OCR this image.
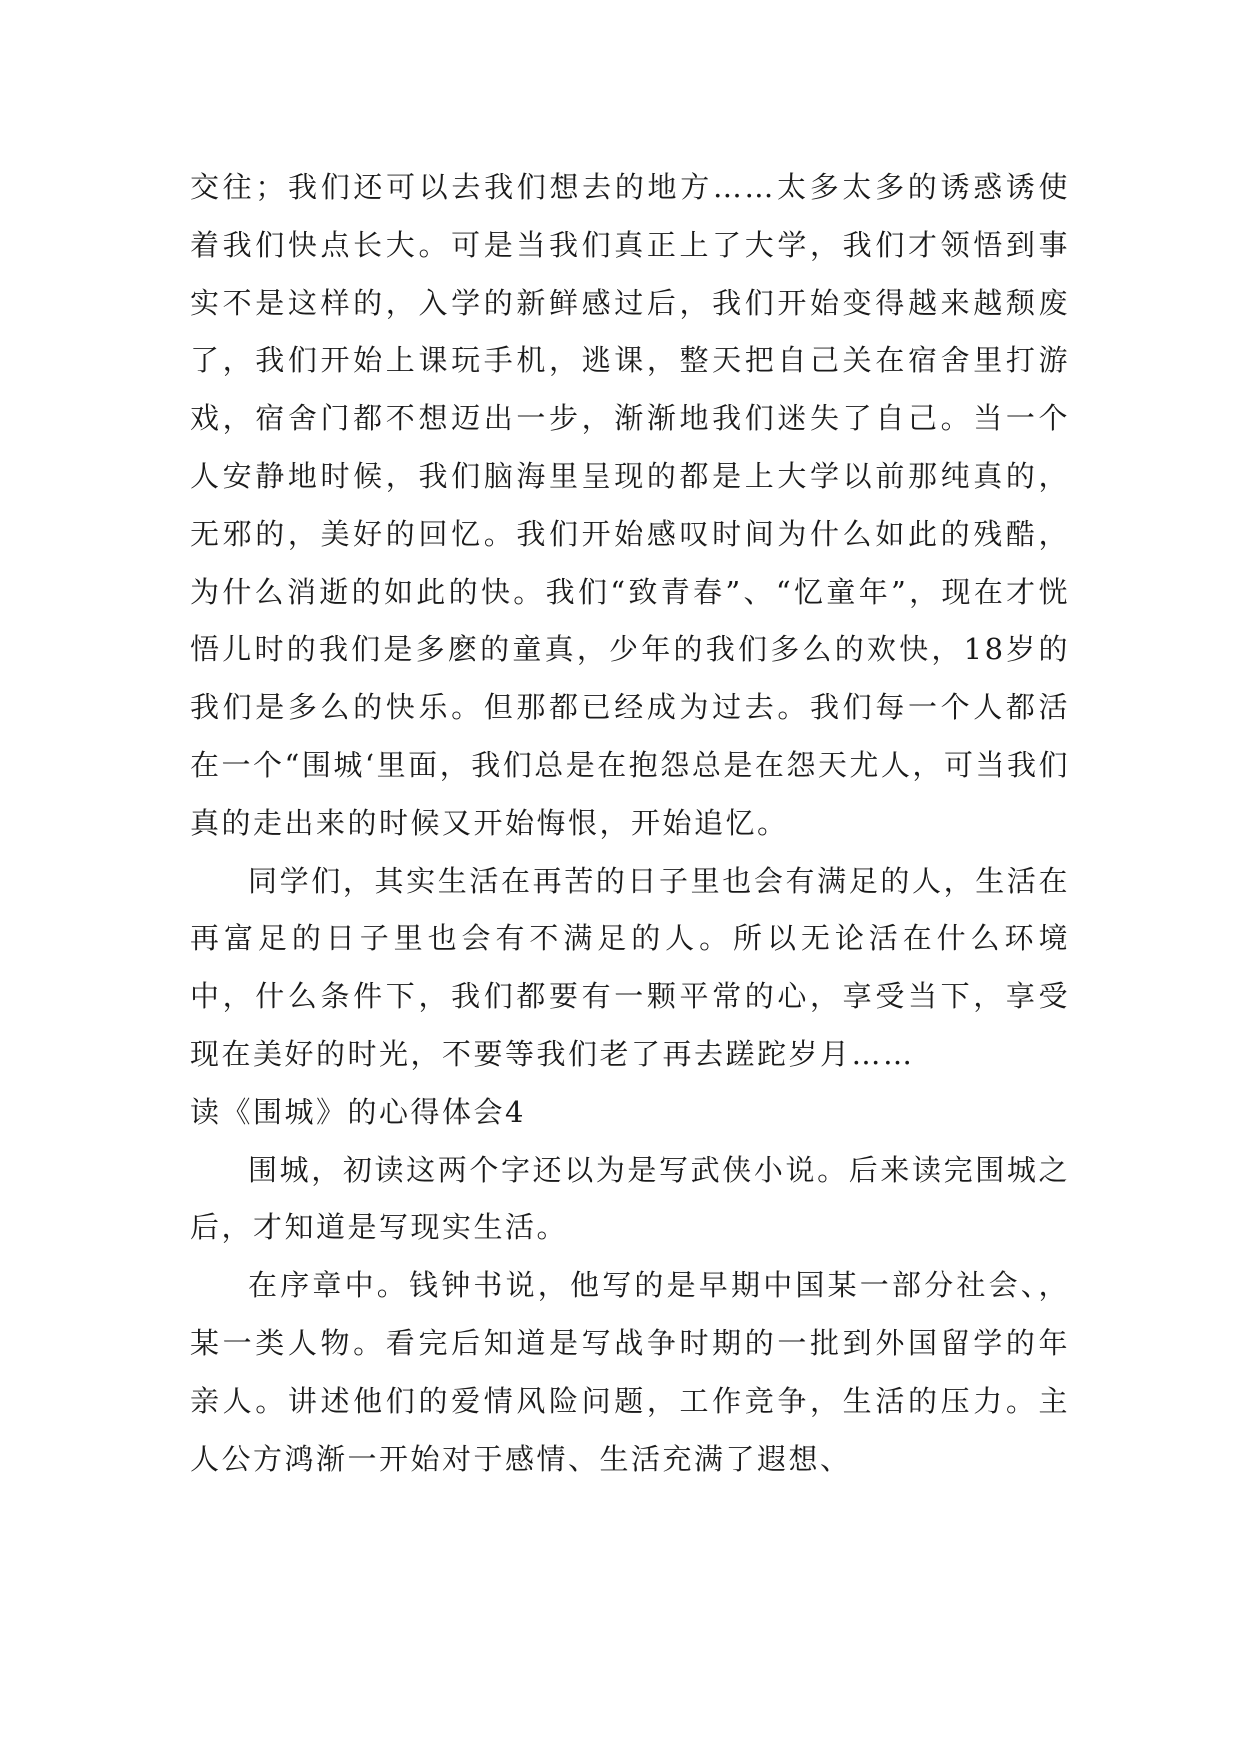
交往；我们还可以去我们想去的地方……太多太多的诱惑诱使着我们快点长大。可是当我们真正上了大学，我们才领悟到事实不是这样的，入学的新鲜感过后，我们开始变得越来越颓废了，我们开始上课玩手机，逃课，整天把自己关在宿舍里打游戏，宿舍门都不想迈出一步，渐渐地我们迷失了自己。当一个人安静地时候，我们脑海里呈现的都是上大学以前那纯真的，无邪的，美好的回忆。我们开始感叹时间为什么如此的残酷，为什么消逝的如此的快。我们“致青春”、“忆童年”，现在才恍悟儿时的我们是多麽的童真，少年的我们多么的欢快，18岁的我们是多么的快乐。但那都已经成为过去。我们每一个人都活在一个“围城‘里面，我们总是在抱怨总是在怨天尤人，可当我们真的走出来的时候又开始悔恨，开始追忆。

同学们，其实生活在再苦的日子里也会有满足的人，生活在再富足的日子里也会有不满足的人。所以无论活在什么环境中，什么条件下，我们都要有一颗平常的心，享受当下，享受现在美好的时光，不要等我们老了再去蹉跎岁月……

读《围城》的心得体会4

围城，初读这两个字还以为是写武侠小说。后来读完围城之后，才知道是写现实生活。

在序章中。钱钟书说，他写的是早期中国某一部分社会、，某一类人物。看完后知道是写战争时期的一批到外国留学的年亲人。讲述他们的爱情风险问题，工作竞争，生活的压力。主人公方鸿渐一开始对于感情、生活充满了遐想、
